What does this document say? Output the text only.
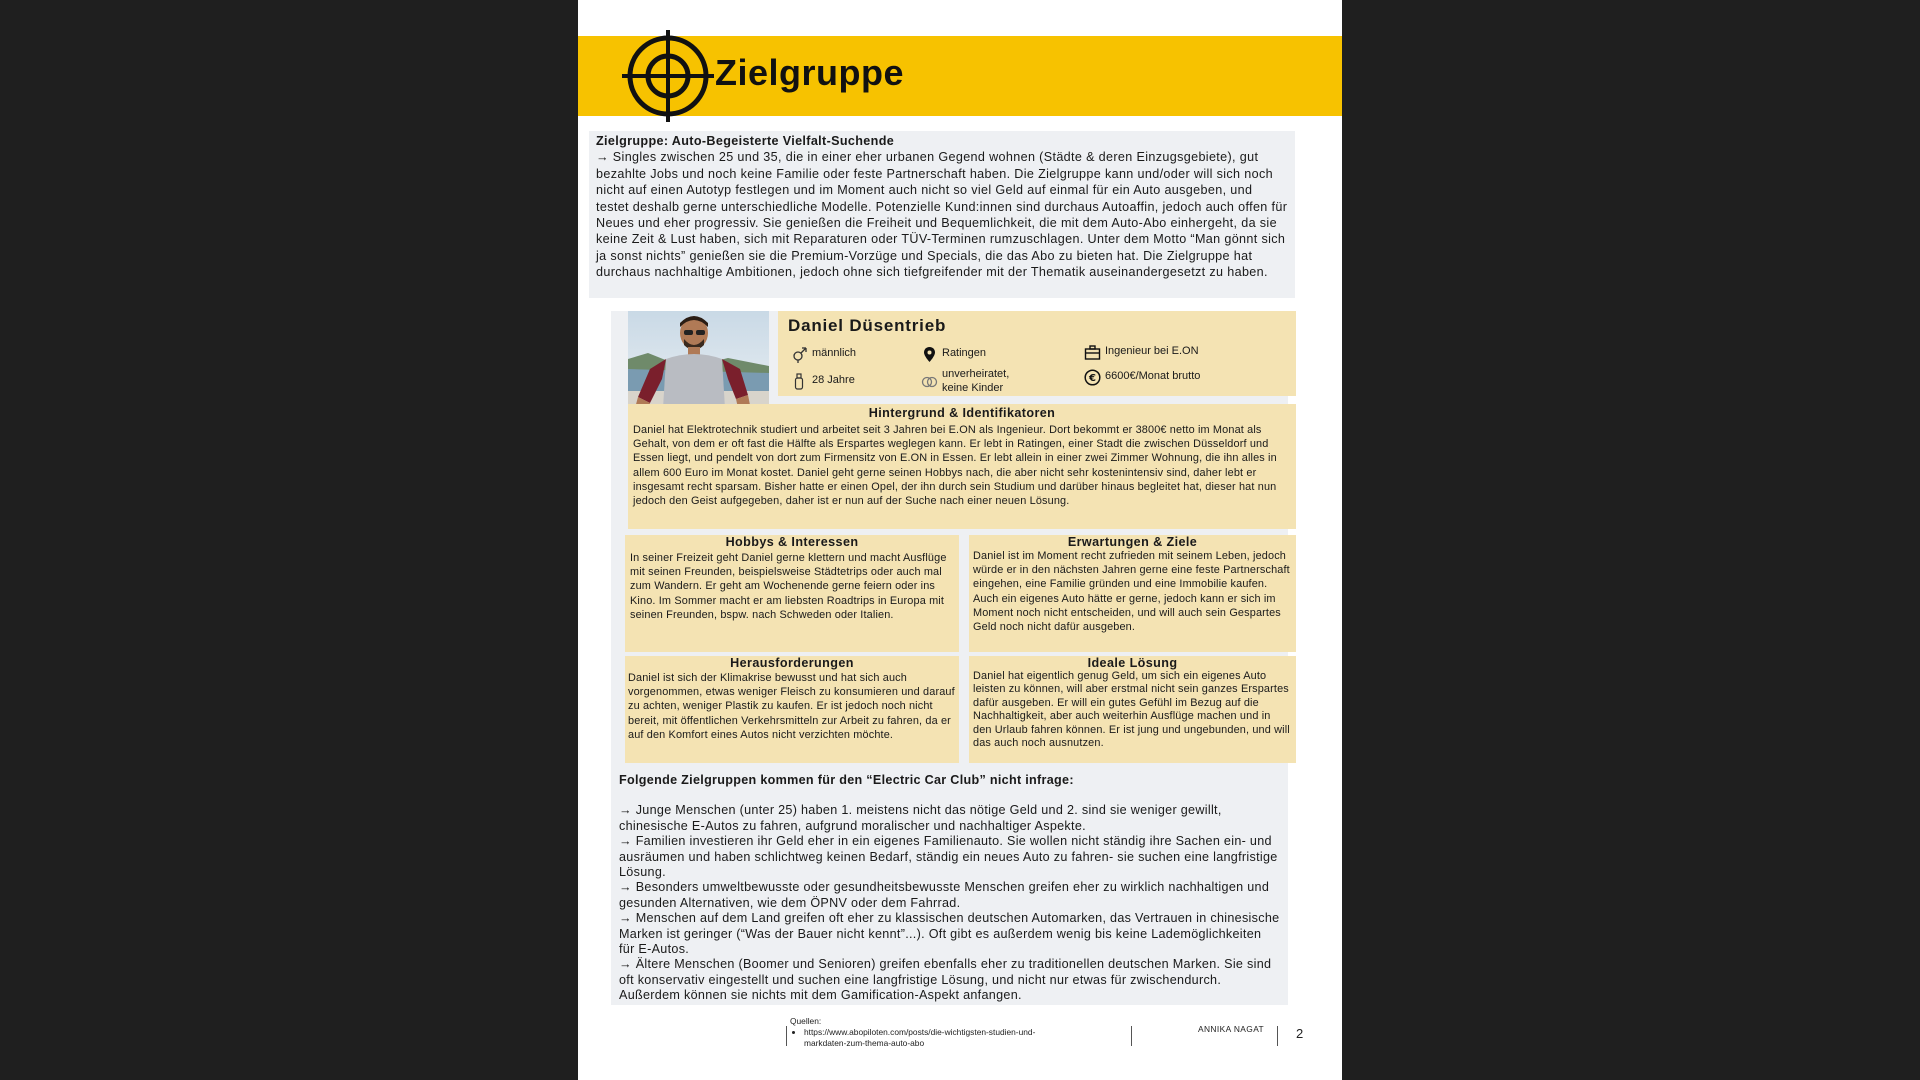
Zielgruppe
Zielgruppe: Auto-Begeisterte Vielfalt-Suchende
→ Singles zwischen 25 und 35, die in einer eher urbanen Gegend wohnen (Städte & deren Einzugsgebiete), gut bezahlte Jobs und noch keine Familie oder feste Partnerschaft haben. Die Zielgruppe kann und/oder will sich noch nicht auf einen Autotyp festlegen und im Moment auch nicht so viel Geld auf einmal für ein Auto ausgeben, und testet deshalb gerne unterschiedliche Modelle. Potenzielle Kund:innen sind durchaus Autoaffin, jedoch auch offen für Neues und eher progressiv. Sie genießen die Freiheit und Bequemlichkeit, die mit dem Auto-Abo einhergeht, da sie keine Zeit & Lust haben, sich mit Reparaturen oder TÜV-Terminen rumzuschlagen. Unter dem Motto “Man gönnt sich ja sonst nichts” genießen sie die Premium-Vorzüge und Specials, die das Abo zu bieten hat. Die Zielgruppe hat durchaus nachhaltige Ambitionen, jedoch ohne sich tiefgreifender mit der Thematik auseinandergesetzt zu haben.
Daniel Düsentrieb
männlich
28 Jahre
Ratingen
unverheiratet, keine Kinder
Ingenieur bei E.ON
€ 6600€/Monat brutto
Hintergrund & Identifikatoren
Daniel hat Elektrotechnik studiert und arbeitet seit 3 Jahren bei E.ON als Ingenieur. Dort bekommt er 3800€ netto im Monat als Gehalt, von dem er oft fast die Hälfte als Erspartes weglegen kann. Er lebt in Ratingen, einer Stadt die zwischen Düsseldorf und Essen liegt, und pendelt von dort zum Firmensitz von E.ON in Essen. Er lebt allein in einer zwei Zimmer Wohnung, die ihn alles in allem 600 Euro im Monat kostet. Daniel geht gerne seinen Hobbys nach, die aber nicht sehr kostenintensiv sind, daher lebt er insgesamt recht sparsam. Bisher hatte er einen Opel, der ihn durch sein Studium und darüber hinaus begleitet hat, dieser hat nun jedoch den Geist aufgegeben, daher ist er nun auf der Suche nach einer neuen Lösung.
Hobbys & Interessen
In seiner Freizeit geht Daniel gerne klettern und macht Ausflüge mit seinen Freunden, beispielsweise Städtetrips oder auch mal zum Wandern. Er geht am Wochenende gerne feiern oder ins Kino. Im Sommer macht er am liebsten Roadtrips in Europa mit seinen Freunden, bspw. nach Schweden oder Italien.
Erwartungen & Ziele
Daniel ist im Moment recht zufrieden mit seinem Leben, jedoch würde er in den nächsten Jahren gerne eine feste Partnerschaft eingehen, eine Familie gründen und eine Immobilie kaufen. Auch ein eigenes Auto hätte er gerne, jedoch kann er sich im Moment noch nicht entscheiden, und will auch sein Gespartes Geld noch nicht dafür ausgeben.
Herausforderungen
Daniel ist sich der Klimakrise bewusst und hat sich auch vorgenommen, etwas weniger Fleisch zu konsumieren und darauf zu achten, weniger Plastik zu kaufen. Er ist jedoch noch nicht bereit, mit öffentlichen Verkehrsmitteln zur Arbeit zu fahren, da er auf den Komfort eines Autos nicht verzichten möchte.
Ideale Lösung
Daniel hat eigentlich genug Geld, um sich ein eigenes Auto leisten zu können, will aber erstmal nicht sein ganzes Erspartes dafür ausgeben. Er will ein gutes Gefühl im Bezug auf die Nachhaltigkeit, aber auch weiterhin Ausflüge machen und in den Urlaub fahren können. Er ist jung und ungebunden, und will das auch noch ausnutzen.
Folgende Zielgruppen kommen für den “Electric Car Club” nicht infrage:

→ Junge Menschen (unter 25) haben 1. meistens nicht das nötige Geld und 2. sind sie weniger gewillt, chinesische E-Autos zu fahren, aufgrund moralischer und nachhaltiger Aspekte.

→ Familien investieren ihr Geld eher in ein eigenes Familienauto. Sie wollen nicht ständig ihre Sachen ein- und ausräumen und haben schlichtweg keinen Bedarf, ständig ein neues Auto zu fahren- sie suchen eine langfristige Lösung.

→ Besonders umweltbewusste oder gesundheitsbewusste Menschen greifen eher zu wirklich nachhaltigen und gesunden Alternativen, wie dem ÖPNV oder dem Fahrrad.

→ Menschen auf dem Land greifen oft eher zu klassischen deutschen Automarken, das Vertrauen in chinesische Marken ist geringer (“Was der Bauer nicht kennt”...). Oft gibt es außerdem wenig bis keine Lademöglichkeiten für E-Autos.

→ Ältere Menschen (Boomer und Senioren) greifen ebenfalls eher zu traditionellen deutschen Marken. Sie sind oft konservativ eingestellt und suchen eine langfristige Lösung, und nicht nur etwas für zwischendurch. Außerdem können sie nichts mit dem Gamification-Aspekt anfangen.

Quellen:
• https://www.abopiloten.com/posts/die-wichtigsten-studien-und-
markdaten-zum-thema-auto-abo
ANNIKA NAGAT 2
